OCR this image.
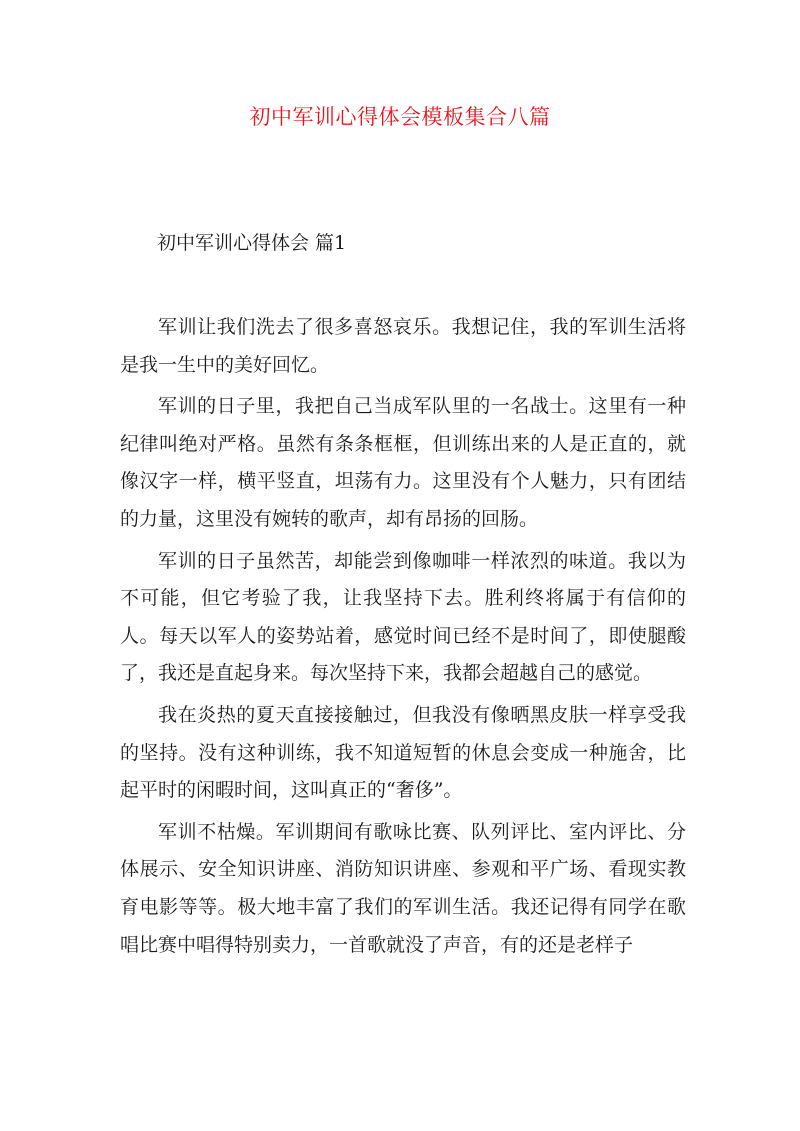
初中军训心得体会模板集合八篇
初中军训心得体会 篇1

军训让我们洗去了很多喜怒哀乐。我想记住，我的军训生活将是我一生中的美好回忆。

军训的日子里，我把自己当成军队里的一名战士。这里有一种纪律叫绝对严格。虽然有条条框框，但训练出来的人是正直的，就像汉字一样，横平竖直，坦荡有力。这里没有个人魅力，只有团结的力量，这里没有婉转的歌声，却有昂扬的回肠。

军训的日子虽然苦，却能尝到像咖啡一样浓烈的味道。我以为不可能，但它考验了我，让我坚持下去。胜利终将属于有信仰的人。每天以军人的姿势站着，感觉时间已经不是时间了，即使腿酸了，我还是直起身来。每次坚持下来，我都会超越自己的感觉。

我在炎热的夏天直接接触过，但我没有像晒黑皮肤一样享受我的坚持。没有这种训练，我不知道短暂的休息会变成一种施舍，比起平时的闲暇时间，这叫真正的“奢侈”。

军训不枯燥。军训期间有歌咏比赛、队列评比、室内评比、分体展示、安全知识讲座、消防知识讲座、参观和平广场、看现实教育电影等等。极大地丰富了我们的军训生活。我还记得有同学在歌唱比赛中唱得特别卖力，一首歌就没了声音，有的还是老样子
